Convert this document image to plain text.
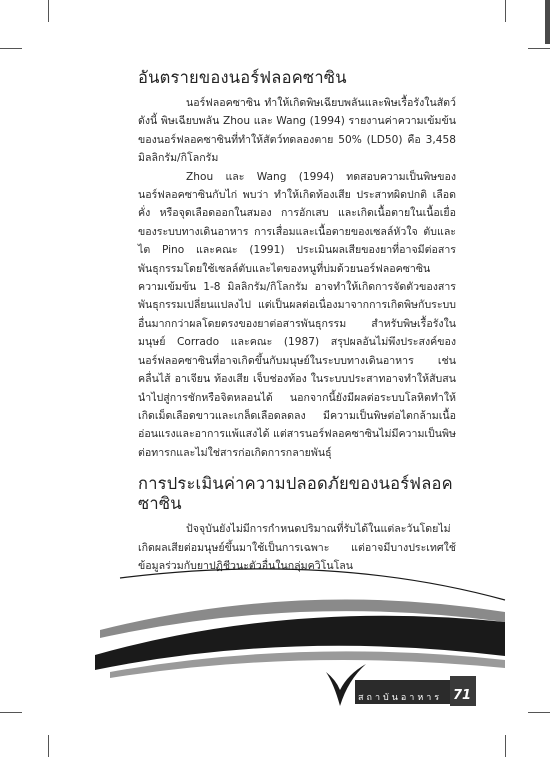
อันตรายของนอร์ฟลอคซาซิน

นอร์ฟลอคซาซิน ทำให้เกิดพิษเฉียบพลันและพิษเรื้อรังในสัตว์ ดังนี้ พิษเฉียบพลัน Zhou และ Wang (1994) รายงานค่าความเข้มข้นของนอร์ฟลอคซาซินที่ทำให้สัตว์ทดลองตาย 50% (LD50) คือ 3,458 มิลลิกรัม/กิโลกรัม

Zhou และ Wang (1994) ทดสอบความเป็นพิษของนอร์ฟลอคซาซินกับไก่ พบว่า ทำให้เกิดท้องเสีย ประสาทผิดปกติ เลือดคั่ง หรือจุดเลือดออกในสมอง การอักเสบ และเกิดเนื้อตายในเนื้อเยื่อของระบบทางเดินอาหาร การเสื่อมและเนื้อตายของเซลล์หัวใจ ตับและไต Pino และคณะ (1991) ประเมินผลเสียของยาที่อาจมีต่อสารพันธุกรรมโดยใช้เซลล์ตับและไตของหนูที่บ่มด้วยนอร์ฟลอคซาซินความเข้มข้น 1-8 มิลลิกรัม/กิโลกรัม อาจทำให้เกิดการจัดตัวของสารพันธุกรรมเปลี่ยนแปลงไป แต่เป็นผลต่อเนื่องมาจากการเกิดพิษกับระบบอื่นมากกว่าผลโดยตรงของยาต่อสารพันธุกรรม สำหรับพิษเรื้อรังในมนุษย์ Corrado และคณะ (1987) สรุปผลอันไม่พึงประสงค์ของนอร์ฟลอคซาซินที่อาจเกิดขึ้นกับมนุษย์ในระบบทางเดินอาหาร เช่น คลื่นไส้ อาเจียน ท้องเสีย เจ็บช่องท้อง ในระบบประสาทอาจทำให้สับสน นำไปสู่การชักหรือจิตหลอนได้ นอกจากนี้ยังมีผลต่อระบบโลหิตทำให้เกิดเม็ดเลือดขาวและเกล็ดเลือดลดลง มีความเป็นพิษต่อไตกล้ามเนื้ออ่อนแรงและอาการแพ้แสงได้ แต่สารนอร์ฟลอคซาซินไม่มีความเป็นพิษต่อทารกและไม่ใช่สารก่อเกิดการกลายพันธุ์

การประเมินค่าความปลอดภัยของนอร์ฟลอคซาซิน

ปัจจุบันยังไม่มีการกำหนดปริมาณที่รับได้ในแต่ละวันโดยไม่เกิดผลเสียต่อมนุษย์ขึ้นมาใช้เป็นการเฉพาะ แต่อาจมีบางประเทศใช้ข้อมูลร่วมกับยาปฏิชีวนะตัวอื่นในกลุ่มควิโนโลน

สถาบันอาหาร 71
